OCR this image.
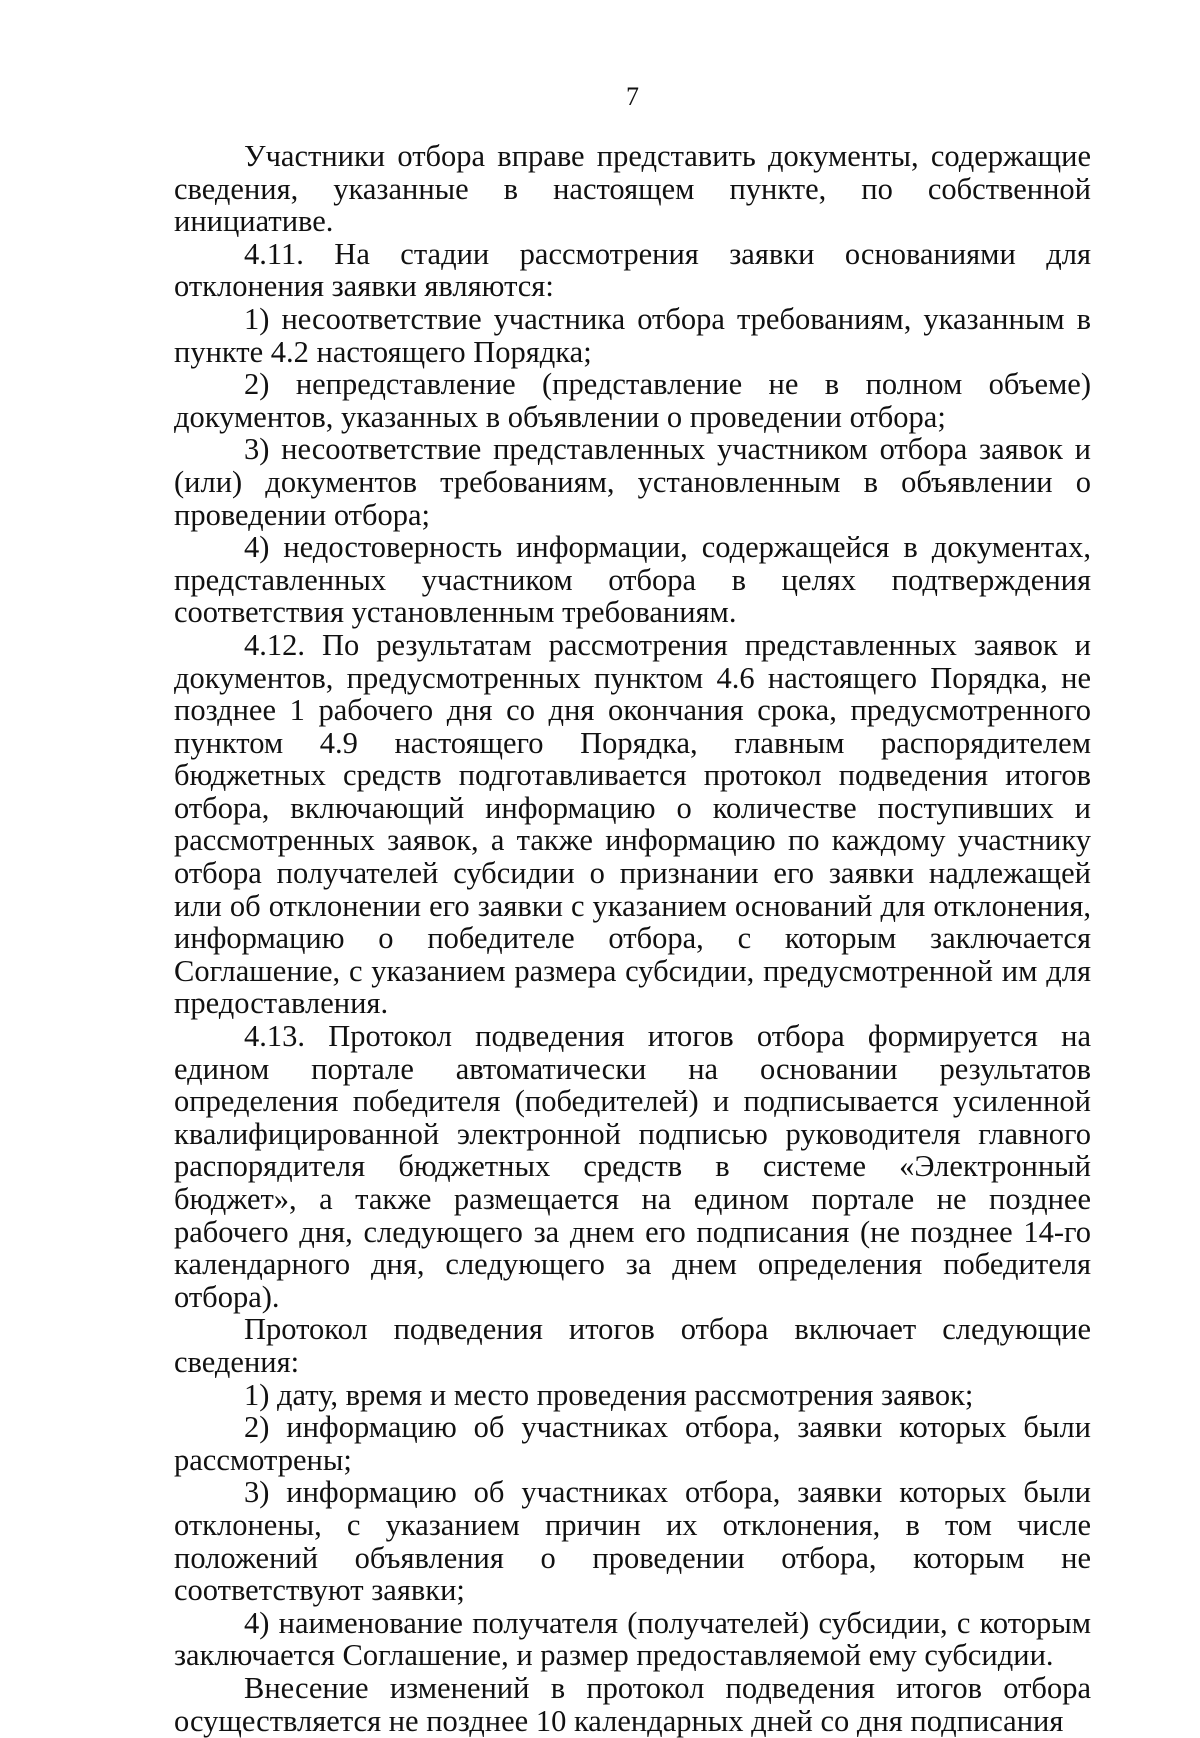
7

Участники отбора вправе представить документы, содержащие сведения, указанные в настоящем пункте, по собственной инициативе.

4.11. На стадии рассмотрения заявки основаниями для отклонения заявки являются:

1) несоответствие участника отбора требованиям, указанным в пункте 4.2 настоящего Порядка;

2) непредставление (представление не в полном объеме) документов, указанных в объявлении о проведении отбора;

3) несоответствие представленных участником отбора заявок и (или) документов требованиям, установленным в объявлении о проведении отбора;

4) недостоверность информации, содержащейся в документах, представленных участником отбора в целях подтверждения соответствия установленным требованиям.

4.12. По результатам рассмотрения представленных заявок и документов, предусмотренных пунктом 4.6 настоящего Порядка, не позднее 1 рабочего дня со дня окончания срока, предусмотренного пунктом 4.9 настоящего Порядка, главным распорядителем бюджетных средств подготавливается протокол подведения итогов отбора, включающий информацию о количестве поступивших и рассмотренных заявок, а также информацию по каждому участнику отбора получателей субсидии о признании его заявки надлежащей или об отклонении его заявки с указанием оснований для отклонения, информацию о победителе отбора, с которым заключается Соглашение, с указанием размера субсидии, предусмотренной им для предоставления.

4.13. Протокол подведения итогов отбора формируется на едином портале автоматически на основании результатов определения победителя (победителей) и подписывается усиленной квалифицированной электронной подписью руководителя главного распорядителя бюджетных средств в системе «Электронный бюджет», а также размещается на едином портале не позднее рабочего дня, следующего за днем его подписания (не позднее 14-го календарного дня, следующего за днем определения победителя отбора).

Протокол подведения итогов отбора включает следующие сведения:

1) дату, время и место проведения рассмотрения заявок;

2) информацию об участниках отбора, заявки которых были рассмотрены;

3) информацию об участниках отбора, заявки которых были отклонены, с указанием причин их отклонения, в том числе положений объявления о проведении отбора, которым не соответствуют заявки;

4) наименование получателя (получателей) субсидии, с которым заключается Соглашение, и размер предоставляемой ему субсидии.

Внесение изменений в протокол подведения итогов отбора осуществляется не позднее 10 календарных дней со дня подписания
